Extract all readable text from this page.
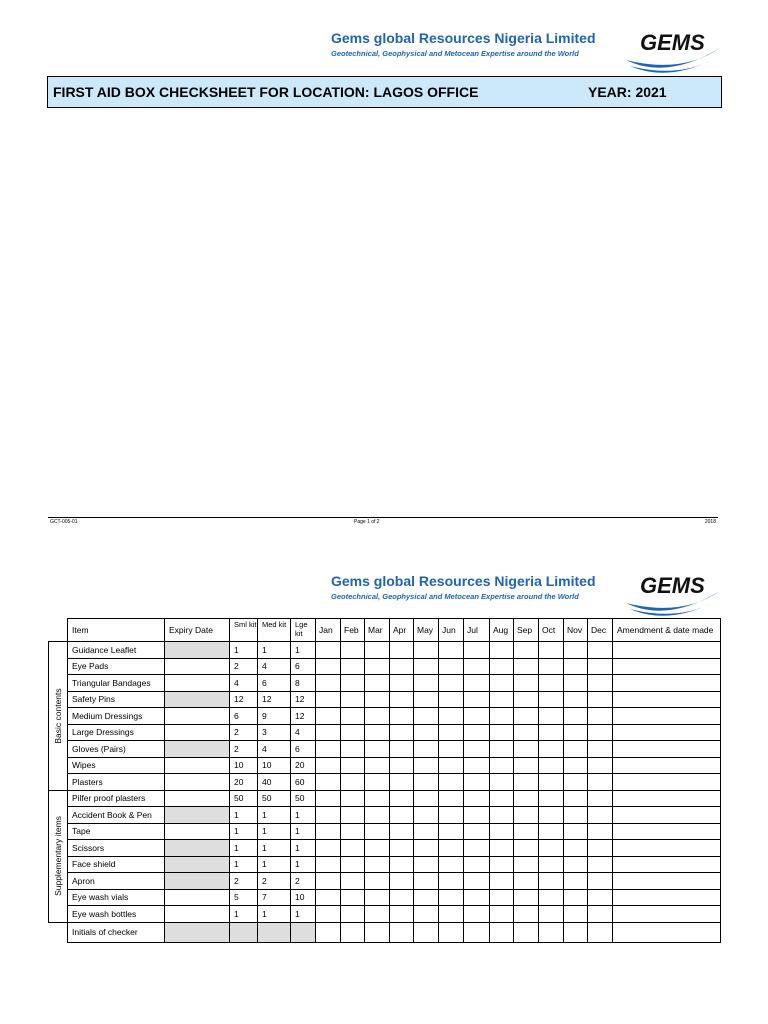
Gems global Resources Nigeria Limited
Geotechnical, Geophysical and Metocean Expertise around the World	GEMS
FIRST AID BOX CHECKSHEET FOR LOCATION: LAGOS OFFICE	YEAR: 2021
GCT-005-01	Page 1 of 2	2018
Gems global Resources Nigeria Limited
Geotechnical, Geophysical and Metocean Expertise around the World	GEMS
	Item	Expiry Date	Sml kit	Med kit	Lge kit	Jan	Feb	Mar	Apr	May	Jun	Jul	Aug	Sep	Oct	Nov	Dec	Amendment & date made

Basic contents	Guidance Leaflet		1	1	1													
	Eye Pads		2	4	6													
	Triangular Bandages		4	6	8													
	Safety Pins		12	12	12													
	Medium Dressings		6	9	12													
	Large Dressings		2	3	4													
	Gloves (Pairs)		2	4	6													
	Wipes		10	10	20													
	Plasters		20	40	60													

Supplementary items	Pilfer proof plasters		50	50	50													
	Accident Book & Pen		1	1	1													
	Tape		1	1	1													
	Scissors		1	1	1													
	Face shield		1	1	1													
	Apron		2	2	2													
	Eye wash vials		5	7	10													
	Eye wash bottles		1	1	1													
	Initials of checker																	
